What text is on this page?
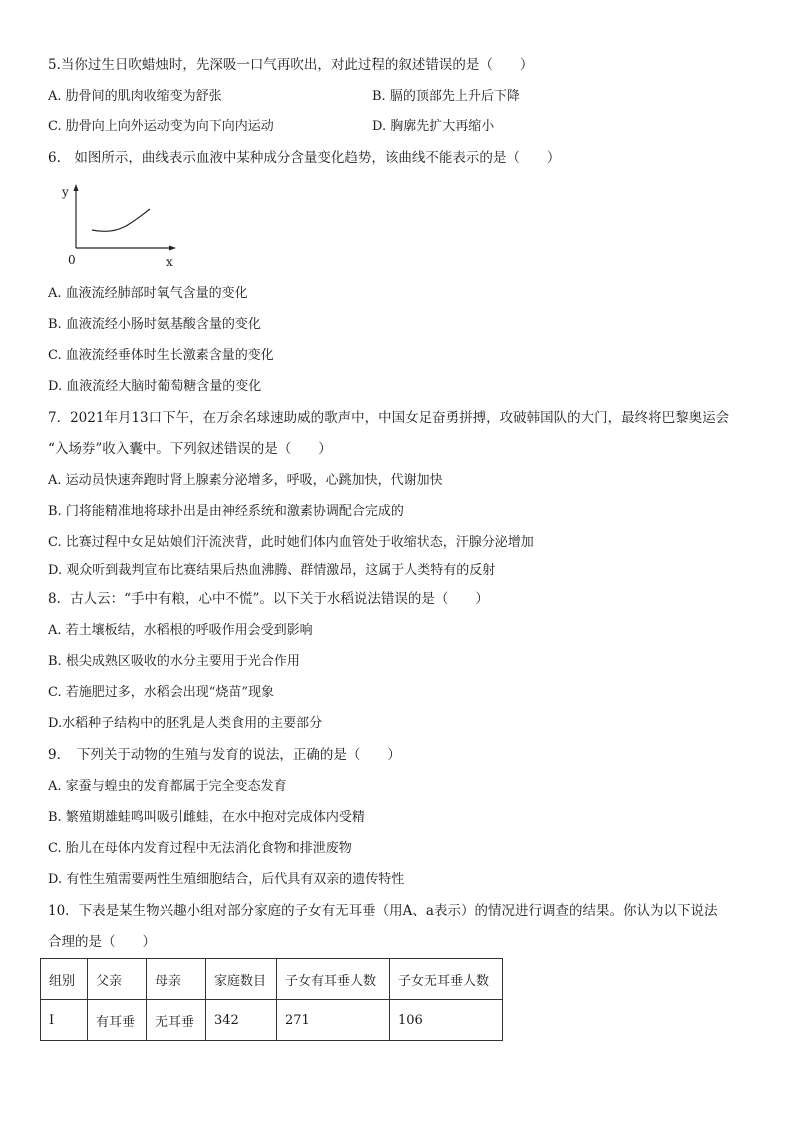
5.当你过生日吹蜡烛时，先深吸一口气再吹出，对此过程的叙述错误的是（　　）
A. 肋骨间的肌肉收缩变为舒张	B. 膈的顶部先上升后下降
C. 肋骨向上向外运动变为向下向内运动	D. 胸廓先扩大再缩小
6.　如图所示，曲线表示血液中某种成分含量变化趋势，该曲线不能表示的是（　　）
y
0	x
A. 血液流经肺部时氧气含量的变化
B. 血液流经小肠时氨基酸含量的变化
C. 血液流经垂体时生长激素含量的变化
D. 血液流经大脑时葡萄糖含量的变化
7．2021年月13口下午，在万余名球速助威的歌声中，中国女足奋勇拼搏，攻破韩国队的大门，最终将巴黎奥运会
“入场券”收入囊中。下列叙述错误的是（　　）
A. 运动员快速奔跑时肾上腺素分泌增多，呼吸，心跳加快，代谢加快
B. 门将能精准地将球扑出是由神经系统和激素协调配合完成的
C. 比赛过程中女足姑娘们汗流浃背，此时她们体内血管处于收缩状态，汗腺分泌增加
D. 观众听到裁判宣布比赛结果后热血沸腾、群情激昂，这属于人类特有的反射
8．古人云：“手中有粮，心中不慌”。以下关于水稻说法错误的是（　　）
A. 若土壤板结，水稻根的呼吸作用会受到影响
B. 根尖成熟区吸收的水分主要用于光合作用
C. 若施肥过多，水稻会出现“烧苗”现象
D.水稻种子结构中的胚乳是人类食用的主要部分
9．　下列关于动物的生殖与发育的说法，正确的是（　　）
A. 家蚕与蝗虫的发育都属于完全变态发育
B. 繁殖期雄蛙鸣叫吸引雌蛙，在水中抱对完成体内受精
C. 胎儿在母体内发育过程中无法消化食物和排泄废物
D. 有性生殖需要两性生殖细胞结合，后代具有双亲的遗传特性
10．下表是某生物兴趣小组对部分家庭的子女有无耳垂（用A、a表示）的情况进行调查的结果。你认为以下说法
合理的是（　　）
组别	父亲	母亲	家庭数目	子女有耳垂人数	子女无耳垂人数
Ⅰ	有耳垂	无耳垂	342	271	106
